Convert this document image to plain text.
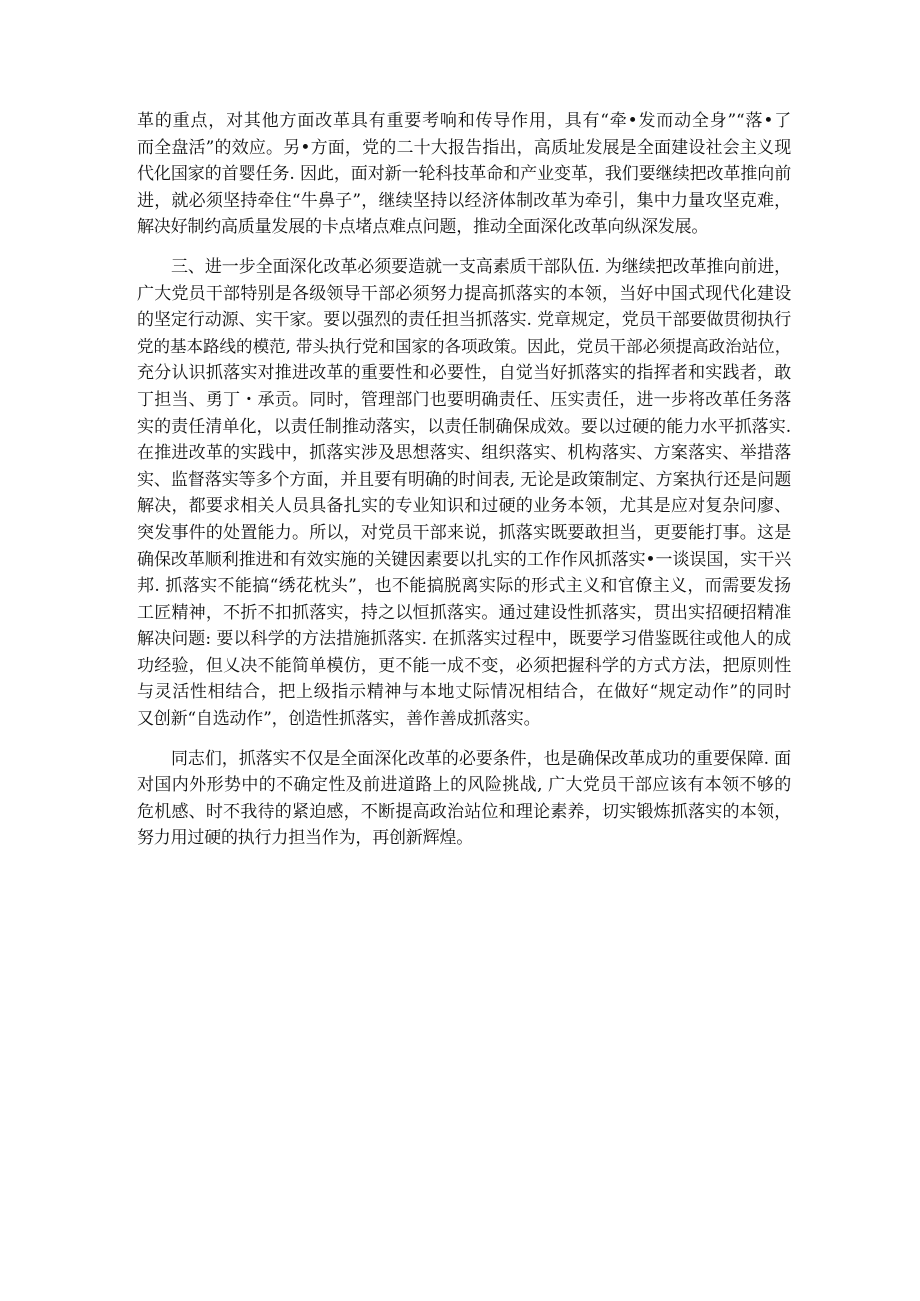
革的重点，对其他方面改革具有重要考响和传导作用，具有“牵•发而动全身”“落•了
而全盘活”的效应。另•方面，党的二十大报告指出，高质址发展是全面建设社会主义现
代化国家的首婴任务. 因此，面对新一轮科技革命和产业变革，我们要继续把改革推向前
进，就必须坚持牵住“牛鼻子”，继续坚持以经济体制改革为牵引，集中力量攻坚克难，
解决好制约高质量发展的卡点堵点难点问题，推动全面深化改革向纵深发展。
三、进一步全面深化改革必须要造就一支高素质干部队伍. 为继续把改革推向前进，
广大党员干部特别是各级领导干部必须努力提高抓落实的本领，当好中国式现代化建设
的坚定行动源、实干家。要以强烈的责任担当抓落实. 党章规定，党员干部要做贯彻执行
党的基本路线的模范, 带头执行党和国家的各项政策。因此，党员干部必须提高政治站位，
充分认识抓落实对推进改革的重要性和必要性，自觉当好抓落实的指挥者和实践者，敢
丁担当、勇丁・承贡。同时，管理部门也要明确责任、压实责任，进一步将改革任务落
实的责任清单化，以责任制推动落实，以责任制确保成效。要以过硬的能力水平抓落实.
在推进改革的实践中，抓落实涉及思想落实、组织落实、机构落实、方案落实、举措落
实、监督落实等多个方面，并且要有明确的时间表, 无论是政策制定、方案执行还是问题
解决，都要求相关人员具备扎实的专业知识和过硬的业务本领，尤其是应对复杂问廖、
突发事件的处置能力。所以，对党员干部来说，抓落实既要敢担当，更要能打事。这是
确保改革顺利推进和有效实施的关键因素要以扎实的工作作风抓落实•一谈误国，实干兴
邦. 抓落实不能搞“绣花枕头”，也不能搞脱离实际的形式主义和官僚主义，而需要发扬
工匠精神，不折不扣抓落实，持之以恒抓落实。通过建设性抓落实，贯出实招硬招精准
解决问题: 要以科学的方法措施抓落实. 在抓落实过程中，既要学习借鉴既往或他人的成
功经验，但乂决不能简单模仿，更不能一成不变，必须把握科学的方式方法，把原则性
与灵活性相结合，把上级指示精神与本地丈际情况相结合，在做好“规定动作”的同时
又创新“自选动作”，创造性抓落实，善作善成抓落实。
同志们，抓落实不仅是全面深化改革的必要条件，也是确保改革成功的重要保障. 面
对国内外形势中的不确定性及前进道路上的风险挑战, 广大党员干部应该有本领不够的
危机感、时不我待的紧迫感，不断提高政治站位和理论素养，切实锻炼抓落实的本领，
努力用过硬的执行力担当作为，再创新辉煌。
